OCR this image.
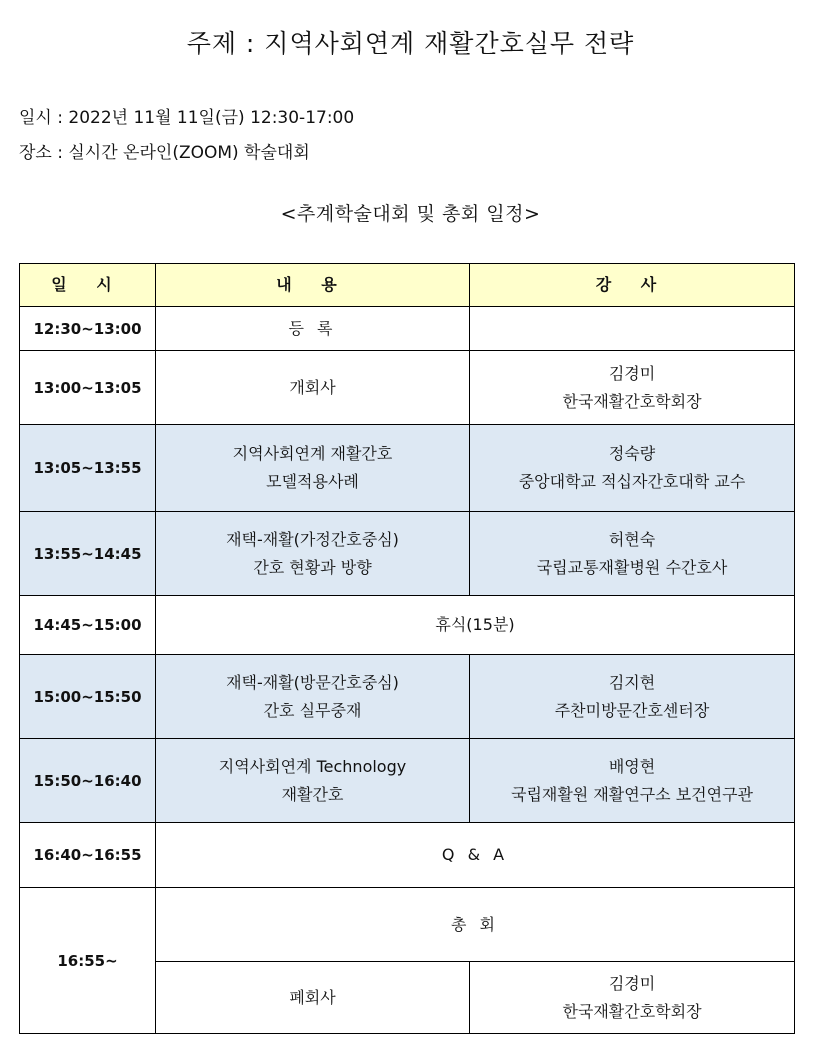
주제 : 지역사회연계 재활간호실무 전략
일시 : 2022년 11월 11일(금) 12:30-17:00
장소 : 실시간 온라인(ZOOM) 학술대회
<추계학술대회 및 총회 일정>
일 시	내 용	강 사
12:30~13:00	등 록	

13:00~13:05	개회사	김경미
한국재활간호학회장

13:05~13:55	지역사회연계 재활간호
모델적용사례	정숙량
중앙대학교 적십자간호대학 교수

13:55~14:45	재택-재활(가정간호중심)
간호 현황과 방향	허현숙
국립교통재활병원 수간호사

14:45~15:00	휴식(15분)	
15:00~15:50	재택-재활(방문간호중심)
간호 실무중재	김지현
주찬미방문간호센터장

15:50~16:40	지역사회연계 Technology
재활간호	배영현
국립재활원 재활연구소 보건연구관

16:40~16:55	Q & A	
16:55~	총 회	
	폐회사	김경미
한국재활간호학회장
